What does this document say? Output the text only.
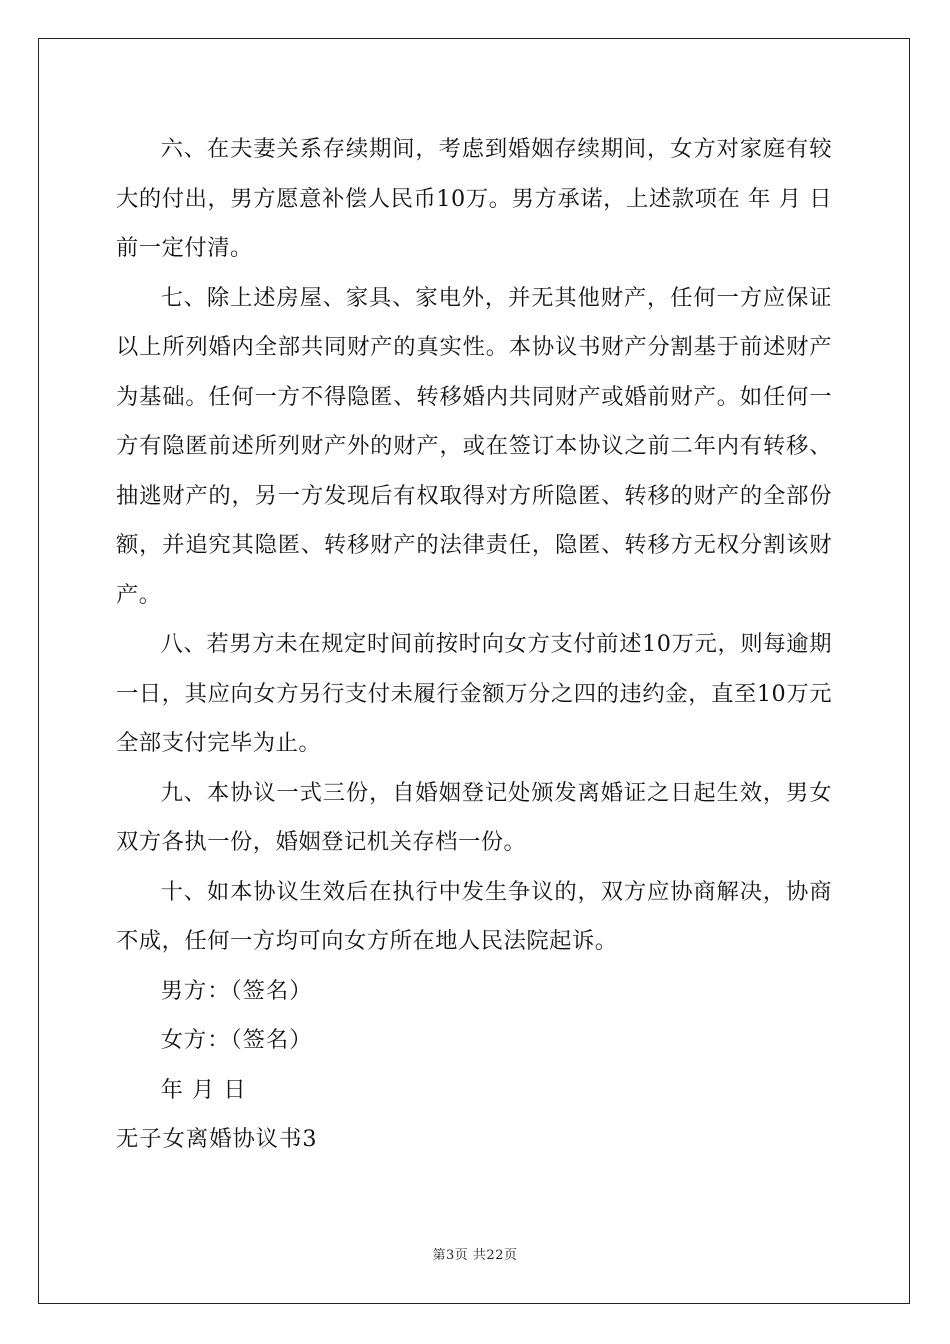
六、在夫妻关系存续期间，考虑到婚姻存续期间，女方对家庭有较大的付出，男方愿意补偿人民币10万。男方承诺，上述款项在 年 月 日前一定付清。

七、除上述房屋、家具、家电外，并无其他财产，任何一方应保证以上所列婚内全部共同财产的真实性。本协议书财产分割基于前述财产为基础。任何一方不得隐匿、转移婚内共同财产或婚前财产。如任何一方有隐匿前述所列财产外的财产，或在签订本协议之前二年内有转移、抽逃财产的，另一方发现后有权取得对方所隐匿、转移的财产的全部份额，并追究其隐匿、转移财产的法律责任，隐匿、转移方无权分割该财产。

八、若男方未在规定时间前按时向女方支付前述10万元，则每逾期一日，其应向女方另行支付未履行金额万分之四的违约金，直至10万元全部支付完毕为止。

九、本协议一式三份，自婚姻登记处颁发离婚证之日起生效，男女双方各执一份，婚姻登记机关存档一份。

十、如本协议生效后在执行中发生争议的，双方应协商解决，协商不成，任何一方均可向女方所在地人民法院起诉。

男方：（签名）

女方：（签名）

年 月 日

无子女离婚协议书3

第3页 共22页
